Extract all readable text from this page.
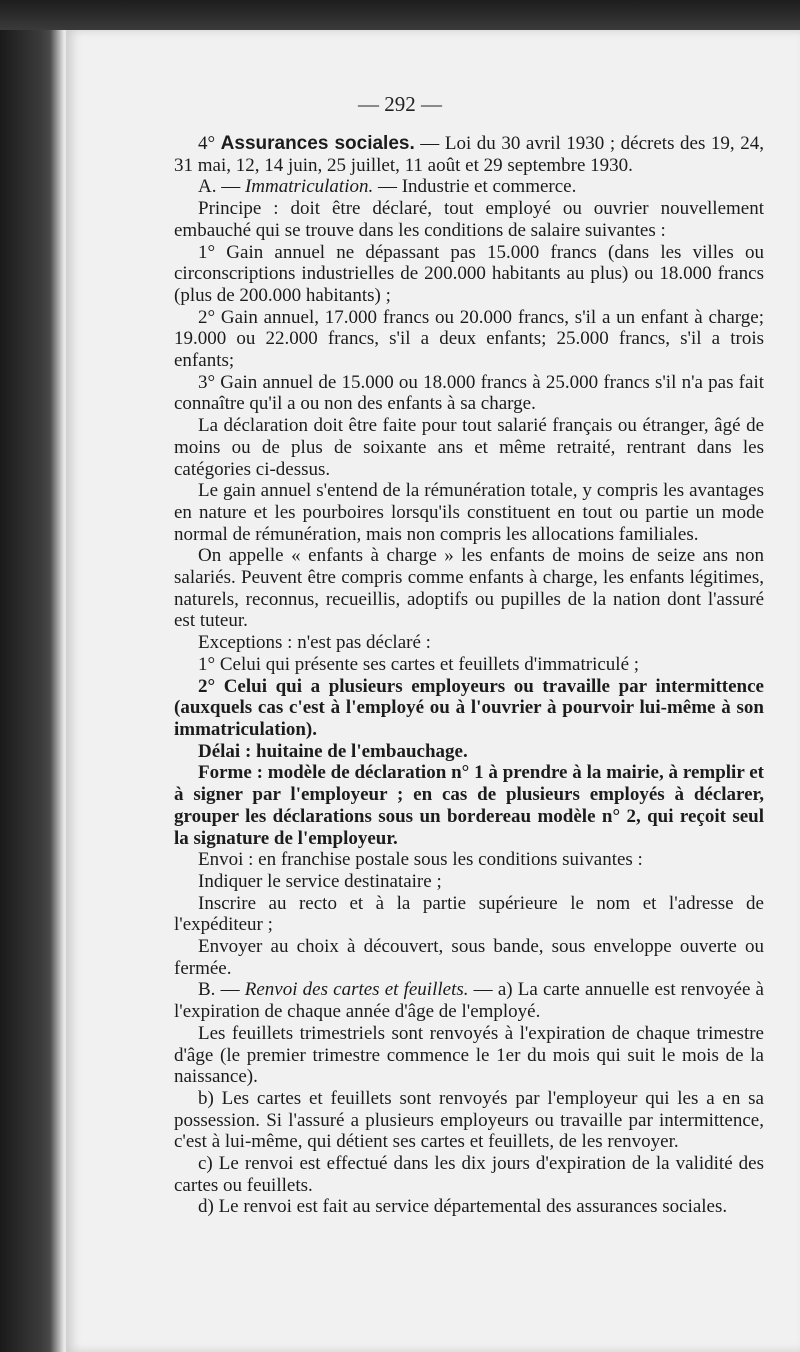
— 292 —

4° Assurances sociales. — Loi du 30 avril 1930 ; décrets des 19, 24, 31 mai, 12, 14 juin, 25 juillet, 11 août et 29 septembre 1930.

A. — Immatriculation. — Industrie et commerce.

Principe : doit être déclaré, tout employé ou ouvrier nouvellement embauché qui se trouve dans les conditions de salaire suivantes :

1° Gain annuel ne dépassant pas 15.000 francs (dans les villes ou circonscriptions industrielles de 200.000 habitants au plus) ou 18.000 francs (plus de 200.000 habitants) ;

2° Gain annuel, 17.000 francs ou 20.000 francs, s'il a un enfant à charge; 19.000 ou 22.000 francs, s'il a deux enfants; 25.000 francs, s'il a trois enfants;

3° Gain annuel de 15.000 ou 18.000 francs à 25.000 francs s'il n'a pas fait connaître qu'il a ou non des enfants à sa charge.

La déclaration doit être faite pour tout salarié français ou étranger, âgé de moins ou de plus de soixante ans et même retraité, rentrant dans les catégories ci-dessus.

Le gain annuel s'entend de la rémunération totale, y compris les avantages en nature et les pourboires lorsqu'ils constituent en tout ou partie un mode normal de rémunération, mais non compris les allocations familiales.

On appelle « enfants à charge » les enfants de moins de seize ans non salariés. Peuvent être compris comme enfants à charge, les enfants légitimes, naturels, reconnus, recueillis, adoptifs ou pupilles de la nation dont l'assuré est tuteur.

Exceptions : n'est pas déclaré :

1° Celui qui présente ses cartes et feuillets d'immatriculé ;

2° Celui qui a plusieurs employeurs ou travaille par intermittence (auxquels cas c'est à l'employé ou à l'ouvrier à pourvoir lui-même à son immatriculation).

Délai : huitaine de l'embauchage.

Forme : modèle de déclaration n° 1 à prendre à la mairie, à remplir et à signer par l'employeur ; en cas de plusieurs employés à déclarer, grouper les déclarations sous un bordereau modèle n° 2, qui reçoit seul la signature de l'employeur.

Envoi : en franchise postale sous les conditions suivantes :

Indiquer le service destinataire ;

Inscrire au recto et à la partie supérieure le nom et l'adresse de l'expéditeur ;

Envoyer au choix à découvert, sous bande, sous enveloppe ouverte ou fermée.

B. — Renvoi des cartes et feuillets. — a) La carte annuelle est renvoyée à l'expiration de chaque année d'âge de l'employé.

Les feuillets trimestriels sont renvoyés à l'expiration de chaque trimestre d'âge (le premier trimestre commence le 1er du mois qui suit le mois de la naissance).

b) Les cartes et feuillets sont renvoyés par l'employeur qui les a en sa possession. Si l'assuré a plusieurs employeurs ou travaille par intermittence, c'est à lui-même, qui détient ses cartes et feuillets, de les renvoyer.

c) Le renvoi est effectué dans les dix jours d'expiration de la validité des cartes ou feuillets.

d) Le renvoi est fait au service départemental des assurances sociales.
